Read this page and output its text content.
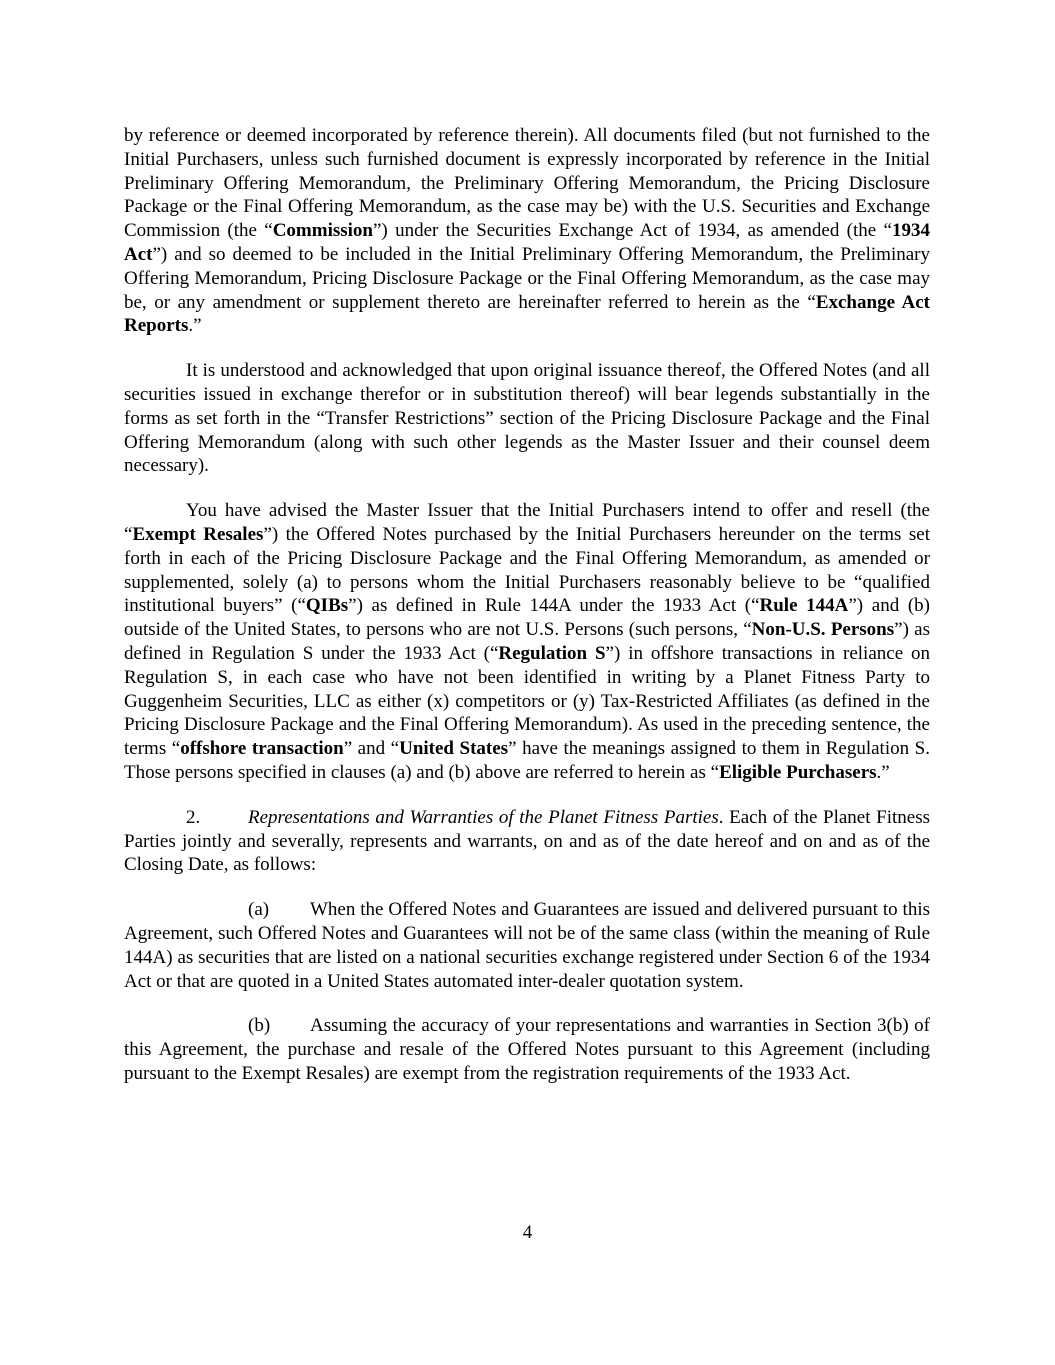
by reference or deemed incorporated by reference therein). All documents filed (but not furnished to the Initial Purchasers, unless such furnished document is expressly incorporated by reference in the Initial Preliminary Offering Memorandum, the Preliminary Offering Memorandum, the Pricing Disclosure Package or the Final Offering Memorandum, as the case may be) with the U.S. Securities and Exchange Commission (the “Commission”) under the Securities Exchange Act of 1934, as amended (the “1934 Act”) and so deemed to be included in the Initial Preliminary Offering Memorandum, the Preliminary Offering Memorandum, Pricing Disclosure Package or the Final Offering Memorandum, as the case may be, or any amendment or supplement thereto are hereinafter referred to herein as the “Exchange Act Reports.”

It is understood and acknowledged that upon original issuance thereof, the Offered Notes (and all securities issued in exchange therefor or in substitution thereof) will bear legends substantially in the forms as set forth in the “Transfer Restrictions” section of the Pricing Disclosure Package and the Final Offering Memorandum (along with such other legends as the Master Issuer and their counsel deem necessary).

You have advised the Master Issuer that the Initial Purchasers intend to offer and resell (the “Exempt Resales”) the Offered Notes purchased by the Initial Purchasers hereunder on the terms set forth in each of the Pricing Disclosure Package and the Final Offering Memorandum, as amended or supplemented, solely (a) to persons whom the Initial Purchasers reasonably believe to be “qualified institutional buyers” (“QIBs”) as defined in Rule 144A under the 1933 Act (“Rule 144A”) and (b) outside of the United States, to persons who are not U.S. Persons (such persons, “Non-U.S. Persons”) as defined in Regulation S under the 1933 Act (“Regulation S”) in offshore transactions in reliance on Regulation S, in each case who have not been identified in writing by a Planet Fitness Party to Guggenheim Securities, LLC as either (x) competitors or (y) Tax-Restricted Affiliates (as defined in the Pricing Disclosure Package and the Final Offering Memorandum). As used in the preceding sentence, the terms “offshore transaction” and “United States” have the meanings assigned to them in Regulation S. Those persons specified in clauses (a) and (b) above are referred to herein as “Eligible Purchasers.”

2.	Representations and Warranties of the Planet Fitness Parties. Each of the Planet Fitness Parties jointly and severally, represents and warrants, on and as of the date hereof and on and as of the Closing Date, as follows:

(a) When the Offered Notes and Guarantees are issued and delivered pursuant to this Agreement, such Offered Notes and Guarantees will not be of the same class (within the meaning of Rule 144A) as securities that are listed on a national securities exchange registered under Section 6 of the 1934 Act or that are quoted in a United States automated inter-dealer quotation system.

(b) Assuming the accuracy of your representations and warranties in Section 3(b) of this Agreement, the purchase and resale of the Offered Notes pursuant to this Agreement (including pursuant to the Exempt Resales) are exempt from the registration requirements of the 1933 Act.

4
